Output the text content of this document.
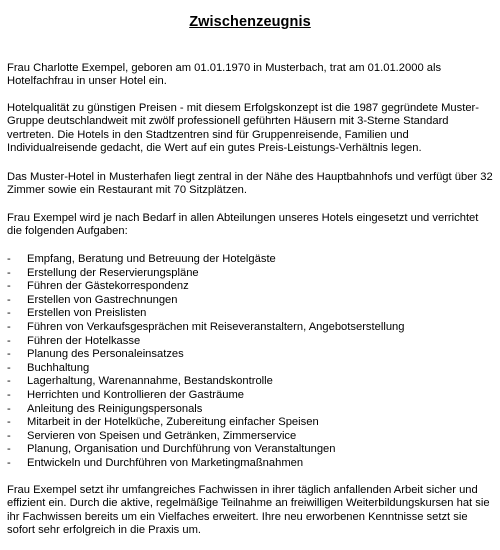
Zwischenzeugnis

Frau Charlotte Exempel, geboren am 01.01.1970 in Musterbach, trat am 01.01.2000 als Hotelfachfrau in unser Hotel ein.

Hotelqualität zu günstigen Preisen - mit diesem Erfolgskonzept ist die 1987 gegründete Muster-Gruppe deutschlandweit mit zwölf professionell geführten Häusern mit 3-Sterne Standard vertreten. Die Hotels in den Stadtzentren sind für Gruppenreisende, Familien und Individualreisende gedacht, die Wert auf ein gutes Preis-Leistungs-Verhältnis legen.

Das Muster-Hotel in Musterhafen liegt zentral in der Nähe des Hauptbahnhofs und verfügt über 32 Zimmer sowie ein Restaurant mit 70 Sitzplätzen.

Frau Exempel wird je nach Bedarf in allen Abteilungen unseres Hotels eingesetzt und verrichtet die folgenden Aufgaben:

- Empfang, Beratung und Betreuung der Hotelgäste
- Erstellung der Reservierungspläne
- Führen der Gästekorrespondenz
- Erstellen von Gastrechnungen
- Erstellen von Preislisten
- Führen von Verkaufsgesprächen mit Reiseveranstaltern, Angebotserstellung
- Führen der Hotelkasse
- Planung des Personaleinsatzes
- Buchhaltung
- Lagerhaltung, Warenannahme, Bestandskontrolle
- Herrichten und Kontrollieren der Gasträume
- Anleitung des Reinigungspersonals
- Mitarbeit in der Hotelküche, Zubereitung einfacher Speisen
- Servieren von Speisen und Getränken, Zimmerservice
- Planung, Organisation und Durchführung von Veranstaltungen
- Entwickeln und Durchführen von Marketingmaßnahmen

Frau Exempel setzt ihr umfangreiches Fachwissen in ihrer täglich anfallenden Arbeit sicher und effizient ein. Durch die aktive, regelmäßige Teilnahme an freiwilligen Weiterbildungskursen hat sie ihr Fachwissen bereits um ein Vielfaches erweitert. Ihre neu erworbenen Kenntnisse setzt sie sofort sehr erfolgreich in die Praxis um.
